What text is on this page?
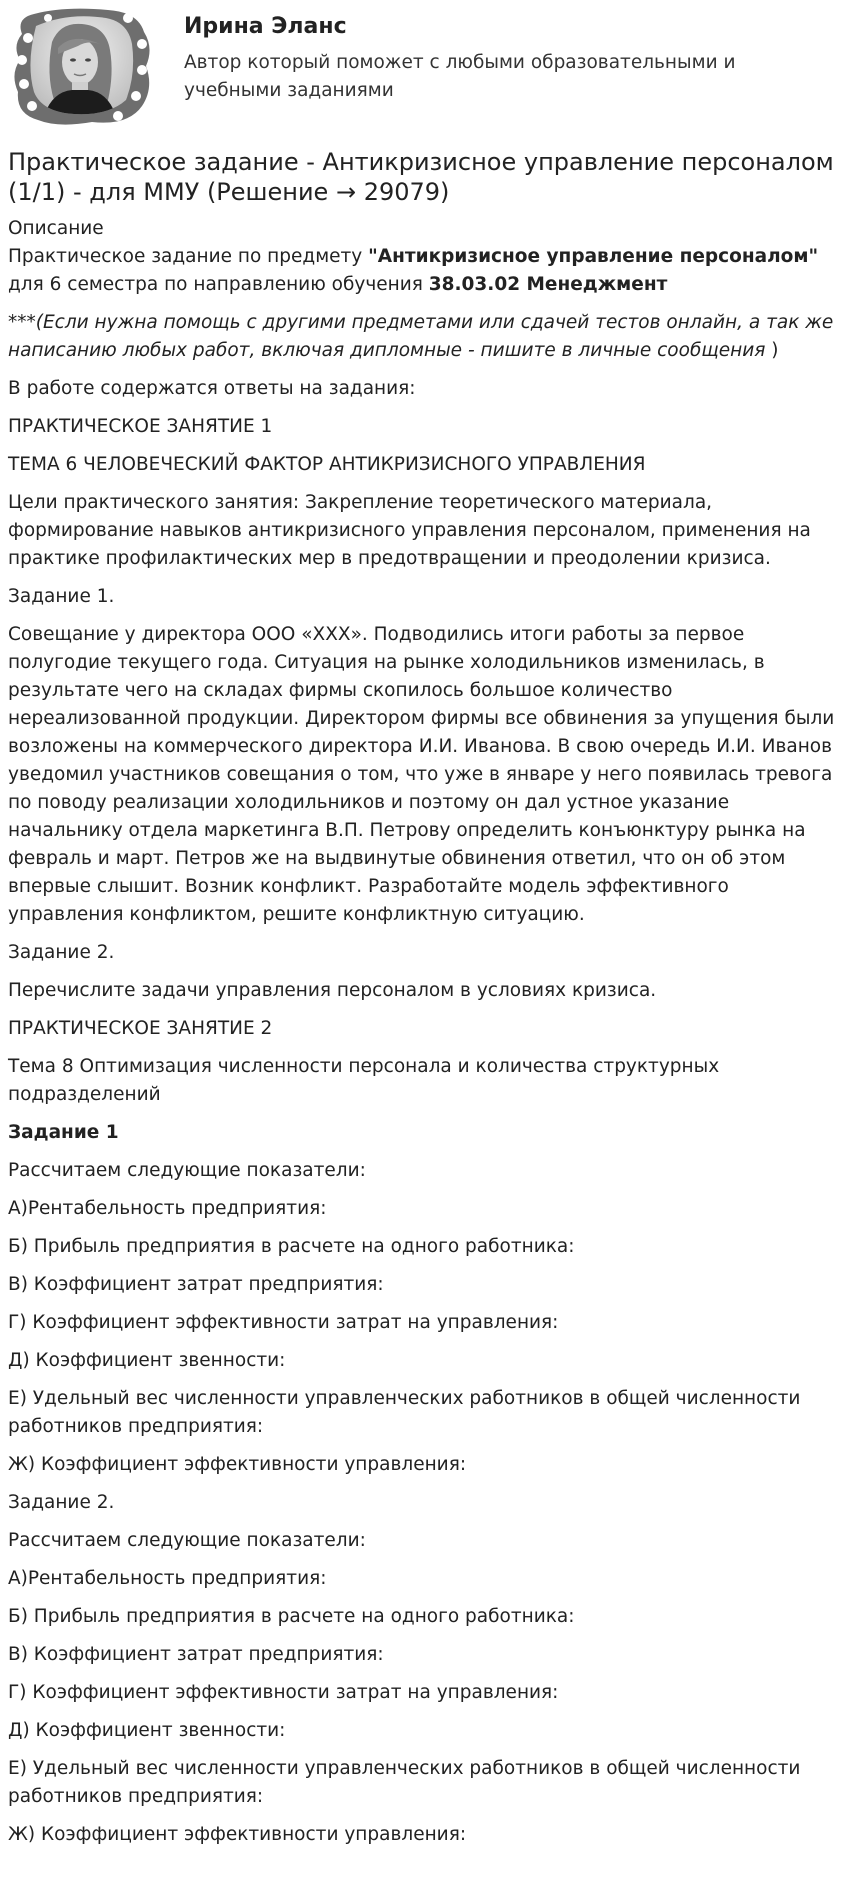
Ирина Эланс

Автор который поможет с любыми образовательными и учебными заданиями

Практическое задание - Антикризисное управление персоналом (1/1) - для ММУ (Решение → 29079)
Описание

Практическое задание по предмету "Антикризисное управление персоналом" для 6 семестра по направлению обучения 38.03.02 Менеджмент

***(Если нужна помощь с другими предметами или сдачей тестов онлайн, а так же написанию любых работ, включая дипломные - пишите в личные сообщения )

В работе содержатся ответы на задания:

ПРАКТИЧЕСКОЕ ЗАНЯТИЕ 1

ТЕМА 6 ЧЕЛОВЕЧЕСКИЙ ФАКТОР АНТИКРИЗИСНОГО УПРАВЛЕНИЯ

Цели практического занятия: Закрепление теоретического материала, формирование навыков антикризисного управления персоналом, применения на практике профилактических мер в предотвращении и преодолении кризиса.

Задание 1.

Совещание у директора ООО «ХХХ». Подводились итоги работы за первое полугодие текущего года. Ситуация на рынке холодильников изменилась, в результате чего на складах фирмы скопилось большое количество нереализованной продукции. Директором фирмы все обвинения за упущения были возложены на коммерческого директора И.И. Иванова. В свою очередь И.И. Иванов уведомил участников совещания о том, что уже в январе у него появилась тревога по поводу реализации холодильников и поэтому он дал устное указание начальнику отдела маркетинга В.П. Петрову определить конъюнктуру рынка на февраль и март. Петров же на выдвинутые обвинения ответил, что он об этом впервые слышит. Возник конфликт. Разработайте модель эффективного управления конфликтом, решите конфликтную ситуацию.

Задание 2.

Перечислите задачи управления персоналом в условиях кризиса.

ПРАКТИЧЕСКОЕ ЗАНЯТИЕ 2

Тема 8 Оптимизация численности персонала и количества структурных подразделений

Задание 1

Рассчитаем следующие показатели:

А)Рентабельность предприятия:

Б) Прибыль предприятия в расчете на одного работника:

В) Коэффициент затрат предприятия:

Г) Коэффициент эффективности затрат на управления:

Д) Коэффициент звенности:

Е) Удельный вес численности управленческих работников в общей численности работников предприятия:

Ж) Коэффициент эффективности управления:

Задание 2.

Рассчитаем следующие показатели:

А)Рентабельность предприятия:

Б) Прибыль предприятия в расчете на одного работника:

В) Коэффициент затрат предприятия:

Г) Коэффициент эффективности затрат на управления:

Д) Коэффициент звенности:

Е) Удельный вес численности управленческих работников в общей численности работников предприятия:

Ж) Коэффициент эффективности управления:
